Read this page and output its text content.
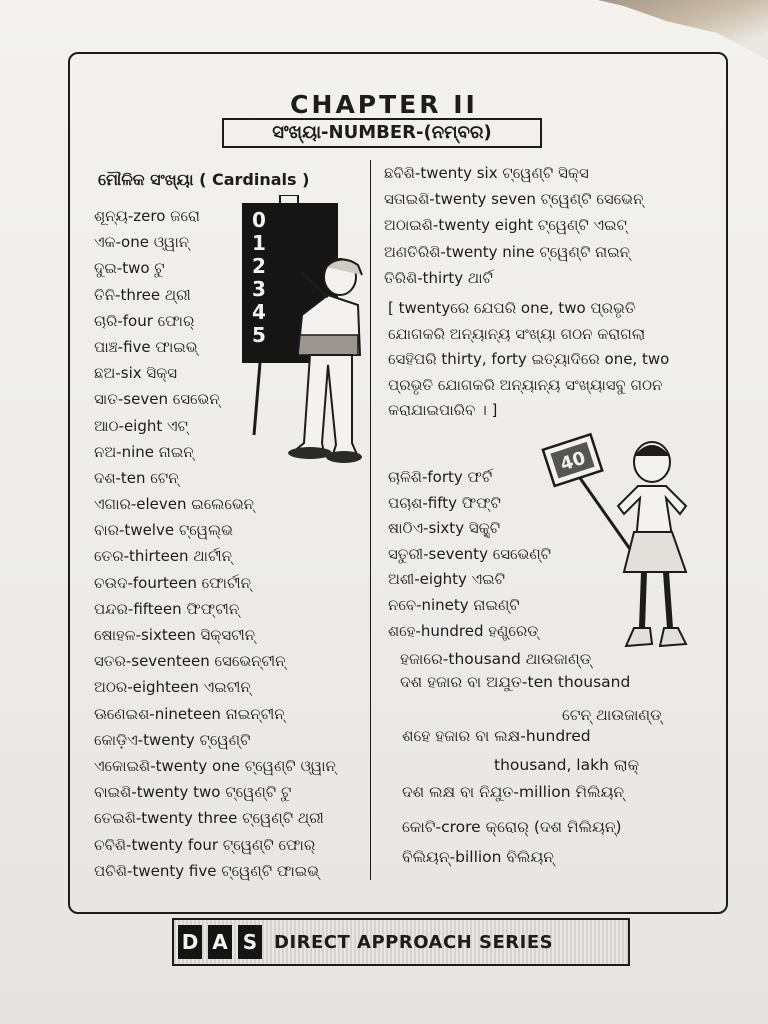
CHAPTER II
ସଂଖ୍ୟା-NUMBER-(ନମ୍ବର)
ମୌଳିକ ସଂଖ୍ୟା ( Cardinals )
ଶୂନ୍ୟ-zero ଜରୋ
ଏକ-one ଓ୍ୱାନ୍
ଦୁଇ-two ଟୁ
ତିନି-three ଥ୍ରୀ
ଚାରି-four ଫୋର୍
ପାଞ୍ଚ-five ଫାଇଭ୍
ଛଅ-six ସିକ୍ସ
ସାତ-seven ସେଭେନ୍
ଆଠ-eight ଏଟ୍
ନଅ-nine ନାଇନ୍
ଦଶ-ten ଟେନ୍
ଏଗାର-eleven ଇଲେଭେନ୍
ବାର-twelve ଟ୍ୱେଲ୍ଭ
ତେର-thirteen ଥାର୍ଟୀନ୍
ଚଉଦ-fourteen ଫୋର୍ଟୀନ୍
ପନ୍ଦର-fifteen ଫିଫ୍ଟୀନ୍
ଷୋହଳ-sixteen ସିକ୍ସଟୀନ୍
ସତର-seventeen ସେଭେନ୍ଟୀନ୍
ଅଠର-eighteen ଏଇଟୀନ୍
ଊଣେଇଶ-nineteen ନାଇନ୍ଟୀନ୍
କୋଡ଼ିଏ-twenty ଟ୍ୱେଣ୍ଟି
ଏକୋଇଶି-twenty one ଟ୍ୱେଣ୍ଟି ଓ୍ୱାନ୍
ବାଇଶି-twenty two ଟ୍ୱେଣ୍ଟି ଟୁ
ତେଇଶି-twenty three ଟ୍ୱେଣ୍ଟି ଥ୍ରୀ
ଚବିଶି-twenty four ଟ୍ୱେଣ୍ଟି ଫୋର୍
ପଚିଶି-twenty five ଟ୍ୱେଣ୍ଟି ଫାଇଭ୍
ଛବିଶି-twenty six ଟ୍ୱେଣ୍ଟି ସିକ୍ସ
ସତାଇଶି-twenty seven ଟ୍ୱେଣ୍ଟି ସେଭେନ୍
ଅଠାଇଶି-twenty eight ଟ୍ୱେଣ୍ଟି ଏଇଟ୍
ଅଣତିରିଶି-twenty nine ଟ୍ୱେଣ୍ଟି ନାଇନ୍
ତିରିଶି-thirty ଥାର୍ଟି
[ twentyରେ ଯେପରି one, two ପ୍ରଭୃତି ଯୋଗକରି ଅନ୍ୟାନ୍ୟ ସଂଖ୍ୟା ଗଠନ କରାଗଲା ସେହିପରି thirty, forty ଇତ୍ୟାଦିରେ one, two ପ୍ରଭୃତି ଯୋଗକରି ଅନ୍ୟାନ୍ୟ ସଂଖ୍ୟାସବୁ ଗଠନ କରାଯାଇପାରିବ । ]
ଚାଳିଶି-forty ଫର୍ଟି
ପଚାଶ-fifty ଫିଫ୍ଟି
ଷାଠିଏ-sixty ସିକ୍ସ୍ଟି
ସତୁରୀ-seventy ସେଭେଣ୍ଟି
ଅଶୀ-eighty ଏଇଟି
ନବେ-ninety ନାଇଣ୍ଟି
ଶହେ-hundred ହଣ୍ଡ୍ରେଡ୍
ହଜାରେ-thousand ଥାଉଜାଣ୍ଡ୍
ଦଶ ହଜାର ବା ଅଯୁତ-ten thousand
ଟେନ୍ ଥାଉଜାଣ୍ଡ୍
ଶହେ ହଜାର ବା ଲକ୍ଷ-hundred
thousand, lakh ଲାକ୍
ଦଶ ଲକ୍ଷ ବା ନିଯୁତ-million ମିଲିୟନ୍
କୋଟି-crore କ୍ରୋର୍ (ଦଶ ମିଲିୟନ୍)
ବିଲିୟନ୍-billion ବିଲିୟନ୍
0
1
2
3
4
5
40
D A S DIRECT APPROACH SERIES
